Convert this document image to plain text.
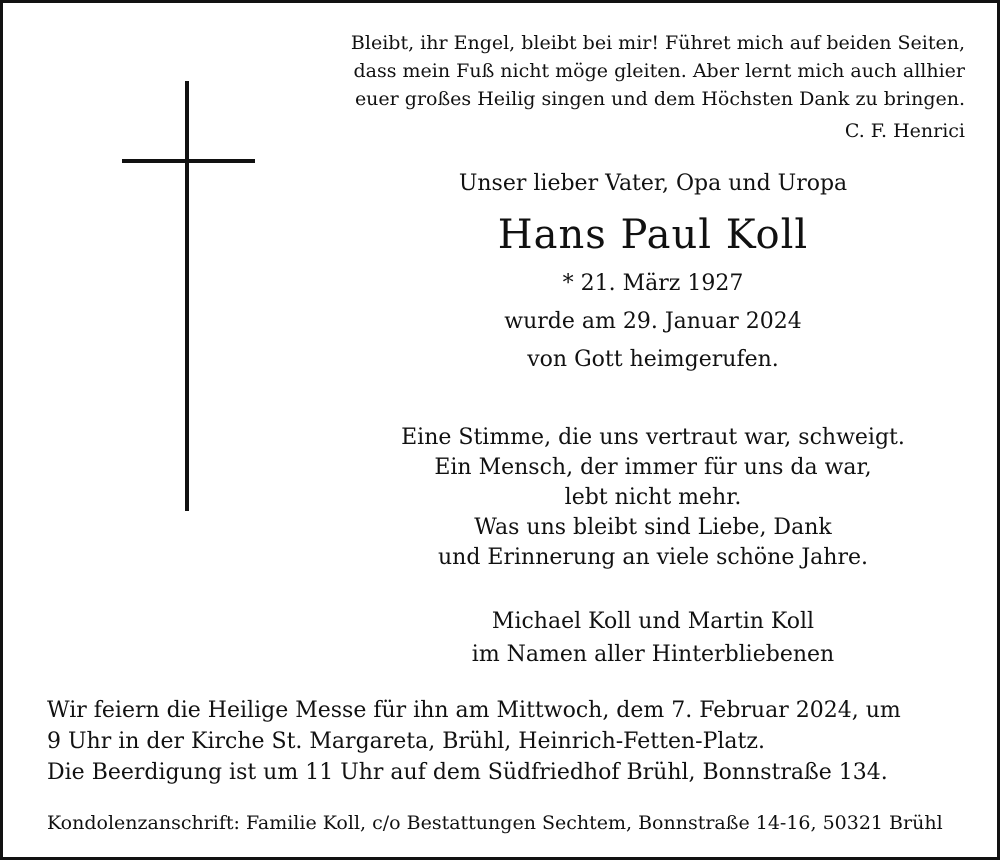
Bleibt, ihr Engel, bleibt bei mir! Führet mich auf beiden Seiten,

dass mein Fuß nicht möge gleiten. Aber lernt mich auch allhier

euer großes Heilig singen und dem Höchsten Dank zu bringen.

C. F. Henrici

Unser lieber Vater, Opa und Uropa

Hans Paul Koll

* 21. März 1927

wurde am 29. Januar 2024

von Gott heimgerufen.

Eine Stimme, die uns vertraut war, schweigt.

Ein Mensch, der immer für uns da war,

lebt nicht mehr.

Was uns bleibt sind Liebe, Dank

und Erinnerung an viele schöne Jahre.

Michael Koll und Martin Koll

im Namen aller Hinterbliebenen

Wir feiern die Heilige Messe für ihn am Mittwoch, dem 7. Februar 2024, um

9 Uhr in der Kirche St. Margareta, Brühl, Heinrich-Fetten-Platz.

Die Beerdigung ist um 11 Uhr auf dem Südfriedhof Brühl, Bonnstraße 134.

Kondolenzanschrift: Familie Koll, c/o Bestattungen Sechtem, Bonnstraße 14-16, 50321 Brühl
